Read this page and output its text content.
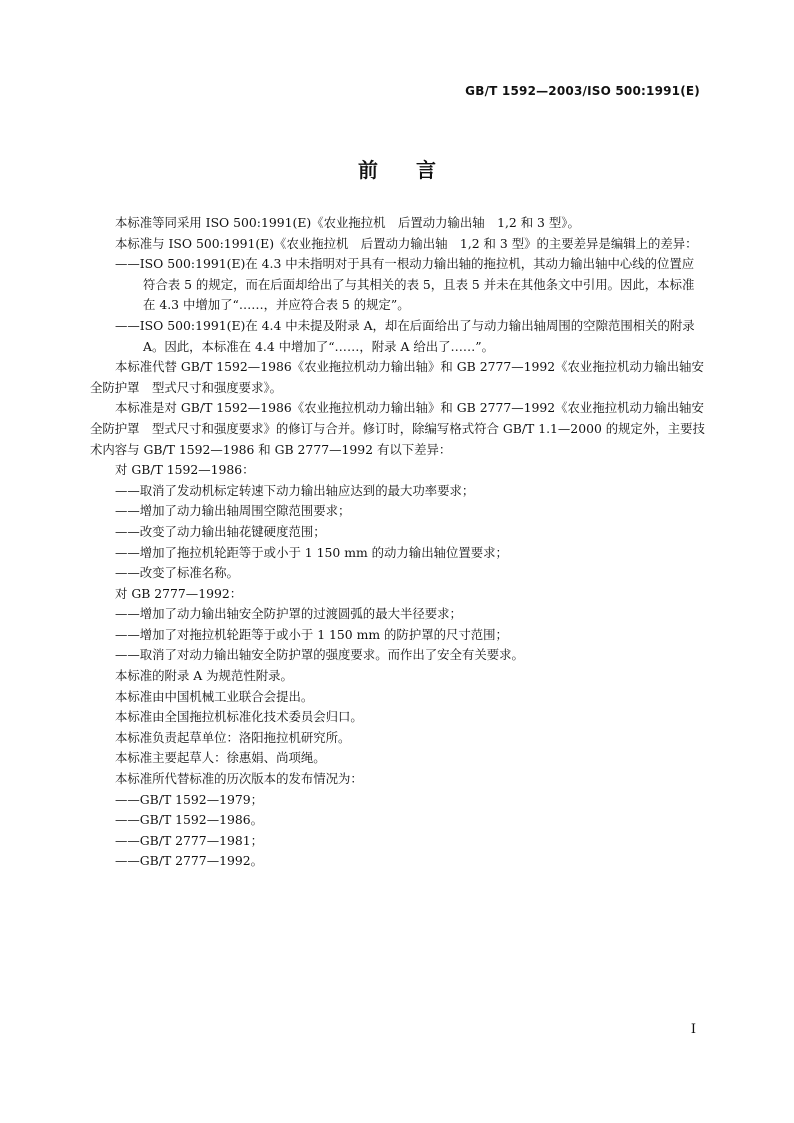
GB/T 1592—2003/ISO 500:1991(E)
前 言

本标准等同采用 ISO 500:1991(E)《农业拖拉机　后置动力输出轴　1,2 和 3 型》。

本标准与 ISO 500:1991(E)《农业拖拉机　后置动力输出轴　1,2 和 3 型》的主要差异是编辑上的差异：

——ISO 500:1991(E)在 4.3 中未指明对于具有一根动力输出轴的拖拉机，其动力输出轴中心线的位置应符合表 5 的规定，而在后面却给出了与其相关的表 5，且表 5 并未在其他条文中引用。因此，本标准在 4.3 中增加了“……，并应符合表 5 的规定”。

——ISO 500:1991(E)在 4.4 中未提及附录 A，却在后面给出了与动力输出轴周围的空隙范围相关的附录 A。因此，本标准在 4.4 中增加了“……，附录 A 给出了……”。

本标准代替 GB/T 1592—1986《农业拖拉机动力输出轴》和 GB 2777—1992《农业拖拉机动力输出轴安全防护罩　型式尺寸和强度要求》。

本标准是对 GB/T 1592—1986《农业拖拉机动力输出轴》和 GB 2777—1992《农业拖拉机动力输出轴安全防护罩　型式尺寸和强度要求》的修订与合并。修订时，除编写格式符合 GB/T 1.1—2000 的规定外，主要技术内容与 GB/T 1592—1986 和 GB 2777—1992 有以下差异：

对 GB/T 1592—1986：

——取消了发动机标定转速下动力输出轴应达到的最大功率要求；

——增加了动力输出轴周围空隙范围要求；

——改变了动力输出轴花键硬度范围；

——增加了拖拉机轮距等于或小于 1 150 mm 的动力输出轴位置要求；

——改变了标准名称。

对 GB 2777—1992：

——增加了动力输出轴安全防护罩的过渡圆弧的最大半径要求；

——增加了对拖拉机轮距等于或小于 1 150 mm 的防护罩的尺寸范围；

——取消了对动力输出轴安全防护罩的强度要求。而作出了安全有关要求。

本标准的附录 A 为规范性附录。

本标准由中国机械工业联合会提出。

本标准由全国拖拉机标准化技术委员会归口。

本标准负责起草单位：洛阳拖拉机研究所。

本标准主要起草人：徐惠娟、尚项绳。

本标准所代替标准的历次版本的发布情况为：

——GB/T 1592—1979；

——GB/T 1592—1986。

——GB/T 2777—1981；

——GB/T 2777—1992。

I
